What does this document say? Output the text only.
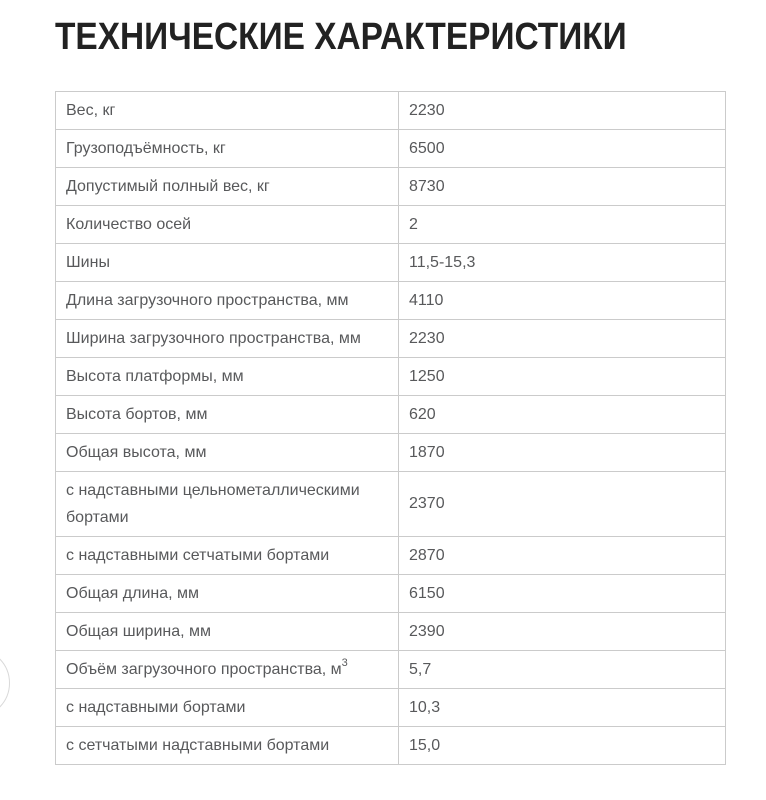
ТЕХНИЧЕСКИЕ ХАРАКТЕРИСТИКИ
Вес, кг	2230
Грузоподъёмность, кг	6500
Допустимый полный вес, кг	8730
Количество осей	2
Шины	11,5-15,3
Длина загрузочного пространства, мм	4110
Ширина загрузочного пространства, мм	2230
Высота платформы, мм	1250
Высота бортов, мм	620
Общая высота, мм	1870
с надставными цельнометаллическими бортами	2370
с надставными сетчатыми бортами	2870
Общая длина, мм	6150
Общая ширина, мм	2390
Объём загрузочного пространства, $м^3$	5,7
с надставными бортами	10,3
с сетчатыми надставными бортами	15,0
